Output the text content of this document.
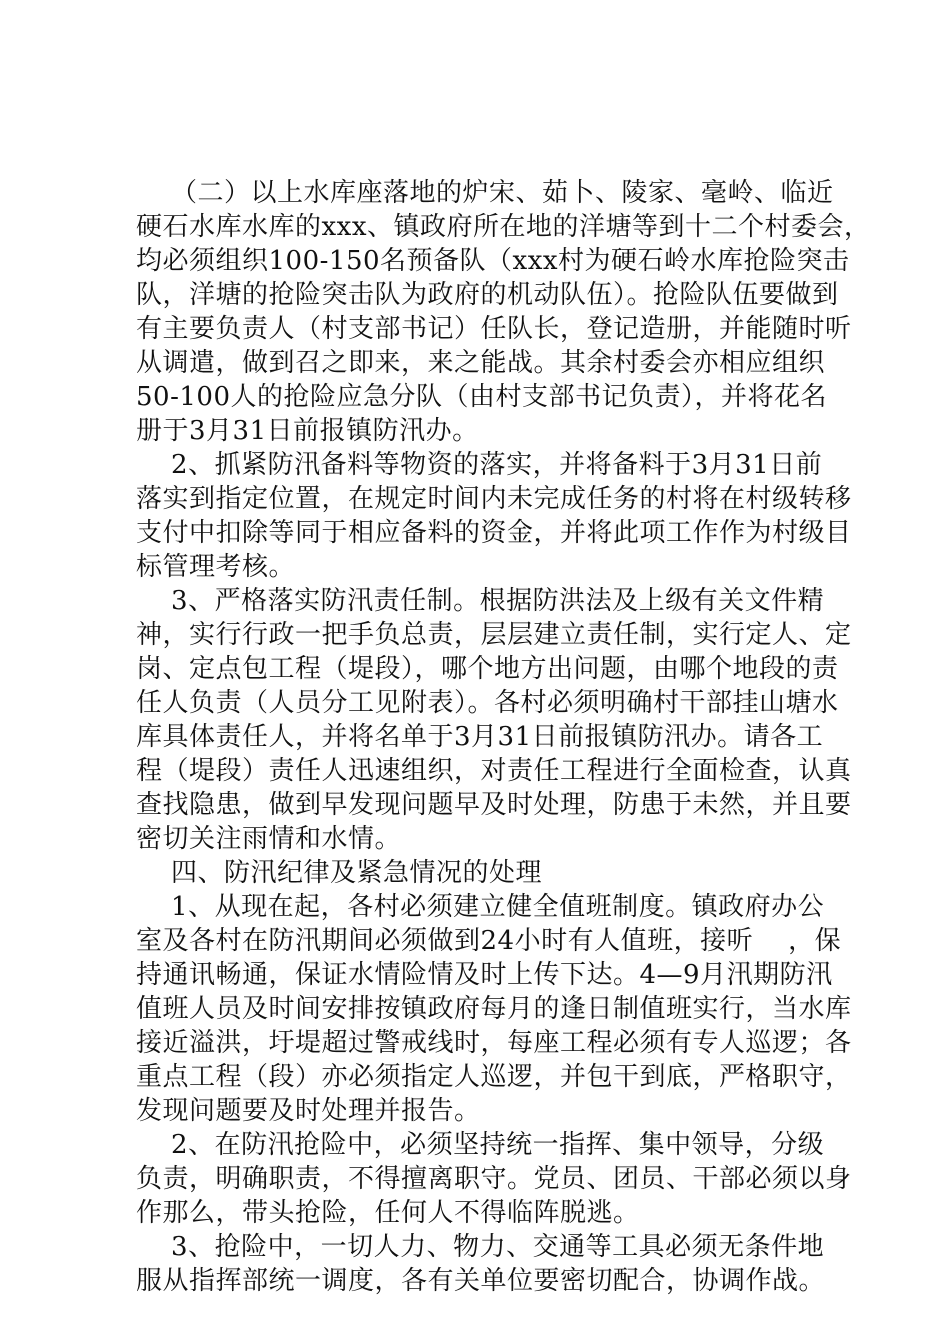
（二）以上水库座落地的炉宋、茹卜、陵家、毫岭、临近
硬石水库水库的xxx、镇政府所在地的洋塘等到十二个村委会，
均必须组织100-150名预备队（xxx村为硬石岭水库抢险突击
队，洋塘的抢险突击队为政府的机动队伍）。抢险队伍要做到
有主要负责人（村支部书记）任队长，登记造册，并能随时听
从调遣，做到召之即来，来之能战。其余村委会亦相应组织
50-100人的抢险应急分队（由村支部书记负责），并将花名
册于3月31日前报镇防汛办。
2、抓紧防汛备料等物资的落实，并将备料于3月31日前
落实到指定位置，在规定时间内未完成任务的村将在村级转移
支付中扣除等同于相应备料的资金，并将此项工作作为村级目
标管理考核。
3、严格落实防汛责任制。根据防洪法及上级有关文件精
神，实行行政一把手负总责，层层建立责任制，实行定人、定
岗、定点包工程（堤段），哪个地方出问题，由哪个地段的责
任人负责（人员分工见附表）。各村必须明确村干部挂山塘水
库具体责任人，并将名单于3月31日前报镇防汛办。请各工
程（堤段）责任人迅速组织，对责任工程进行全面检查，认真
查找隐患，做到早发现问题早及时处理，防患于未然，并且要
密切关注雨情和水情。
四、防汛纪律及紧急情况的处理
1、从现在起，各村必须建立健全值班制度。镇政府办公
室及各村在防汛期间必须做到24小时有人值班，接听    ，保
持通讯畅通，保证水情险情及时上传下达。4—9月汛期防汛
值班人员及时间安排按镇政府每月的逢日制值班实行，当水库
接近溢洪，圩堤超过警戒线时，每座工程必须有专人巡逻；各
重点工程（段）亦必须指定人巡逻，并包干到底，严格职守，
发现问题要及时处理并报告。
2、在防汛抢险中，必须坚持统一指挥、集中领导，分级
负责，明确职责，不得擅离职守。党员、团员、干部必须以身
作那么，带头抢险，任何人不得临阵脱逃。
3、抢险中，一切人力、物力、交通等工具必须无条件地
服从指挥部统一调度，各有关单位要密切配合，协调作战。
